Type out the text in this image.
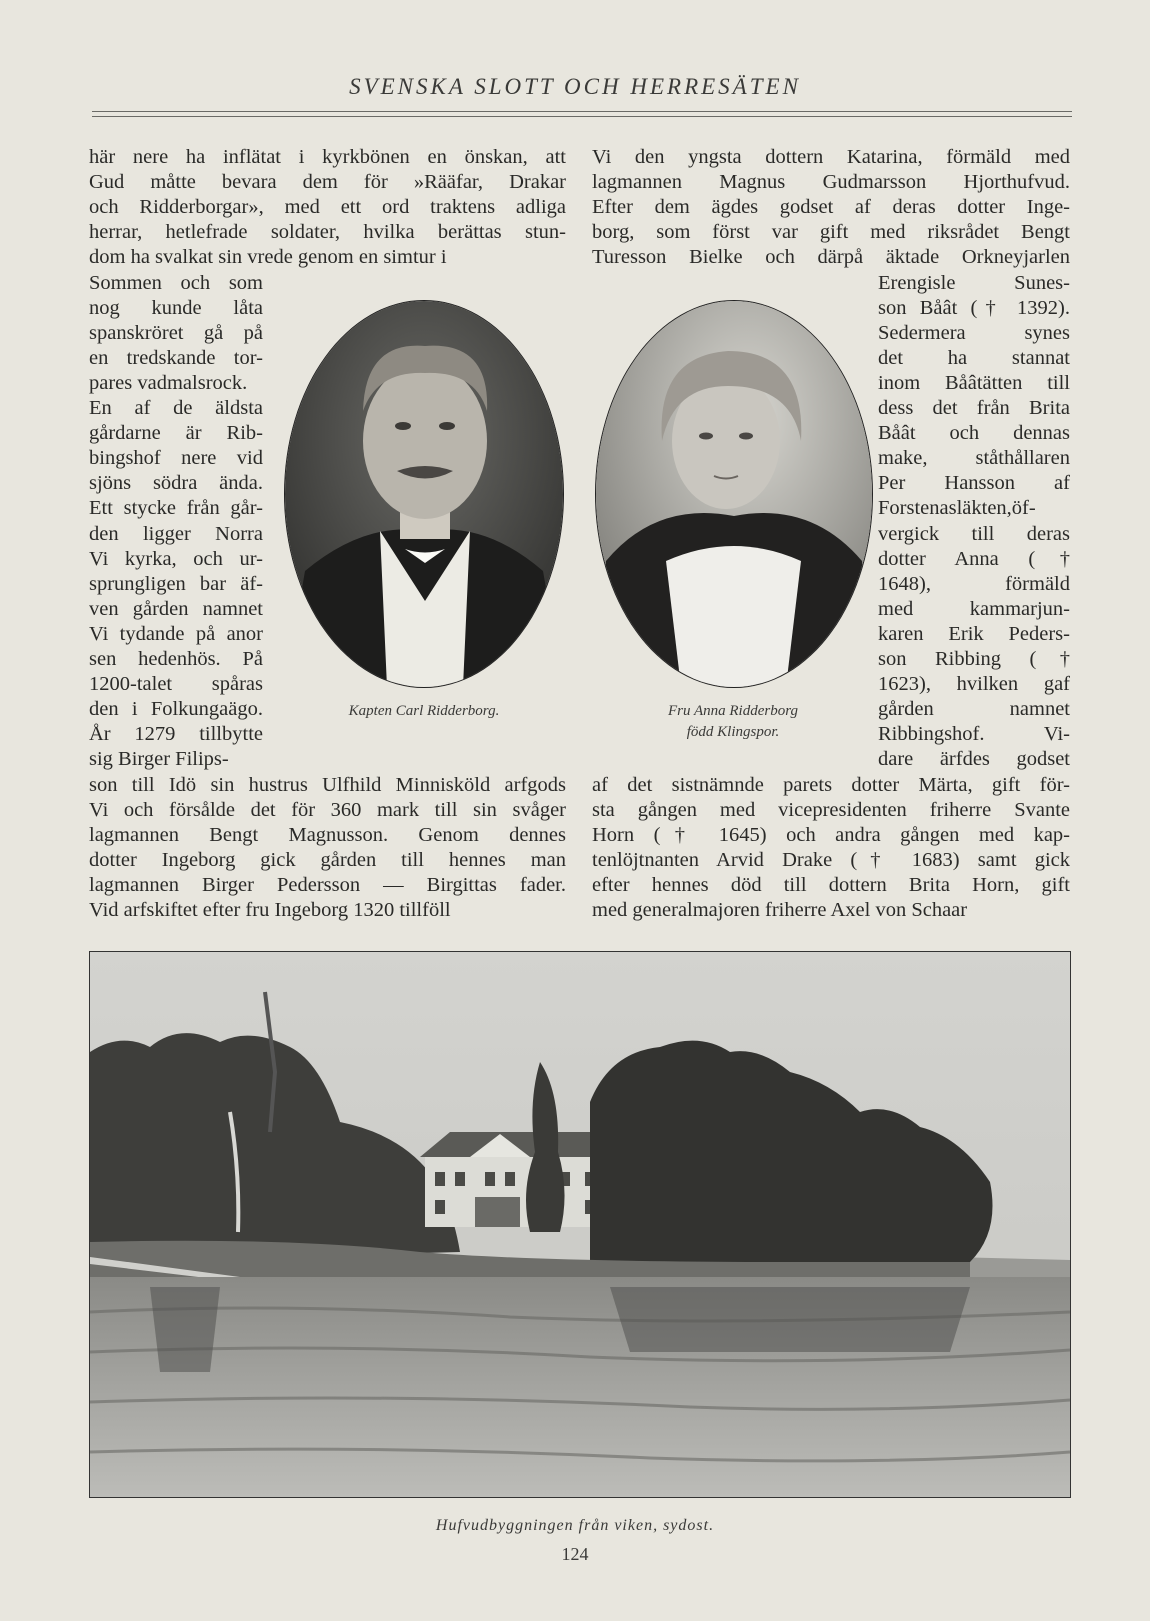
SVENSKA SLOTT OCH HERRESÄTEN
här nere ha inflätat i kyrkbönen en önskan, att
Gud måtte bevara dem för »Rääfar, Drakar
och Ridderborgar», med ett ord traktens adliga
herrar, hetlefrade soldater, hvilka berättas stun-
dom ha svalkat sin vrede genom en simtur i
Sommen och som
nog kunde låta
spanskröret gå på
en tredskande tor-
pares vadmalsrock.
En af de äldsta
gårdarne är Rib-
bingshof nere vid
sjöns södra ända.
Ett stycke från går-
den ligger Norra
Vi kyrka, och ur-
sprungligen bar äf-
ven gården namnet
Vi tydande på anor
sen hedenhös. På
1200-talet spåras
den i Folkungaägo.
År 1279 tillbytte
sig Birger Filips-
son till Idö sin hustrus Ulfhild Minnisköld arfgods
Vi och försålde det för 360 mark till sin svåger
lagmannen Bengt Magnusson. Genom dennes
dotter Ingeborg gick gården till hennes man
lagmannen Birger Pedersson — Birgittas fader.
Vid arfskiftet efter fru Ingeborg 1320 tillföll
Vi den yngsta dottern Katarina, förmäld med
lagmannen Magnus Gudmarsson Hjorthufvud.
Efter dem ägdes godset af deras dotter Inge-
borg, som först var gift med riksrådet Bengt
Turesson Bielke och därpå äktade Orkneyjarlen
Erengisle Sunes-
son Båât († 1392).
Sedermera synes
det ha stannat
inom Båâtätten till
dess det från Brita
Båât och dennas
make, ståthållaren
Per Hansson af
Forstenasläkten,öf-
vergick till deras
dotter Anna (†
1648), förmäld
med kammarjun-
karen Erik Peders-
son Ribbing (†
1623), hvilken gaf
gården namnet
Ribbingshof. Vi-
dare ärfdes godset
af det sistnämnde parets dotter Märta, gift för-
sta gången med vicepresidenten friherre Svante
Horn († 1645) och andra gången med kap-
tenlöjtnanten Arvid Drake († 1683) samt gick
efter hennes död till dottern Brita Horn, gift
med generalmajoren friherre Axel von Schaar
Kapten Carl Ridderborg.	Fru Anna Ridderborg
född Klingspor.
Hufvudbyggningen från viken, sydost.
124
